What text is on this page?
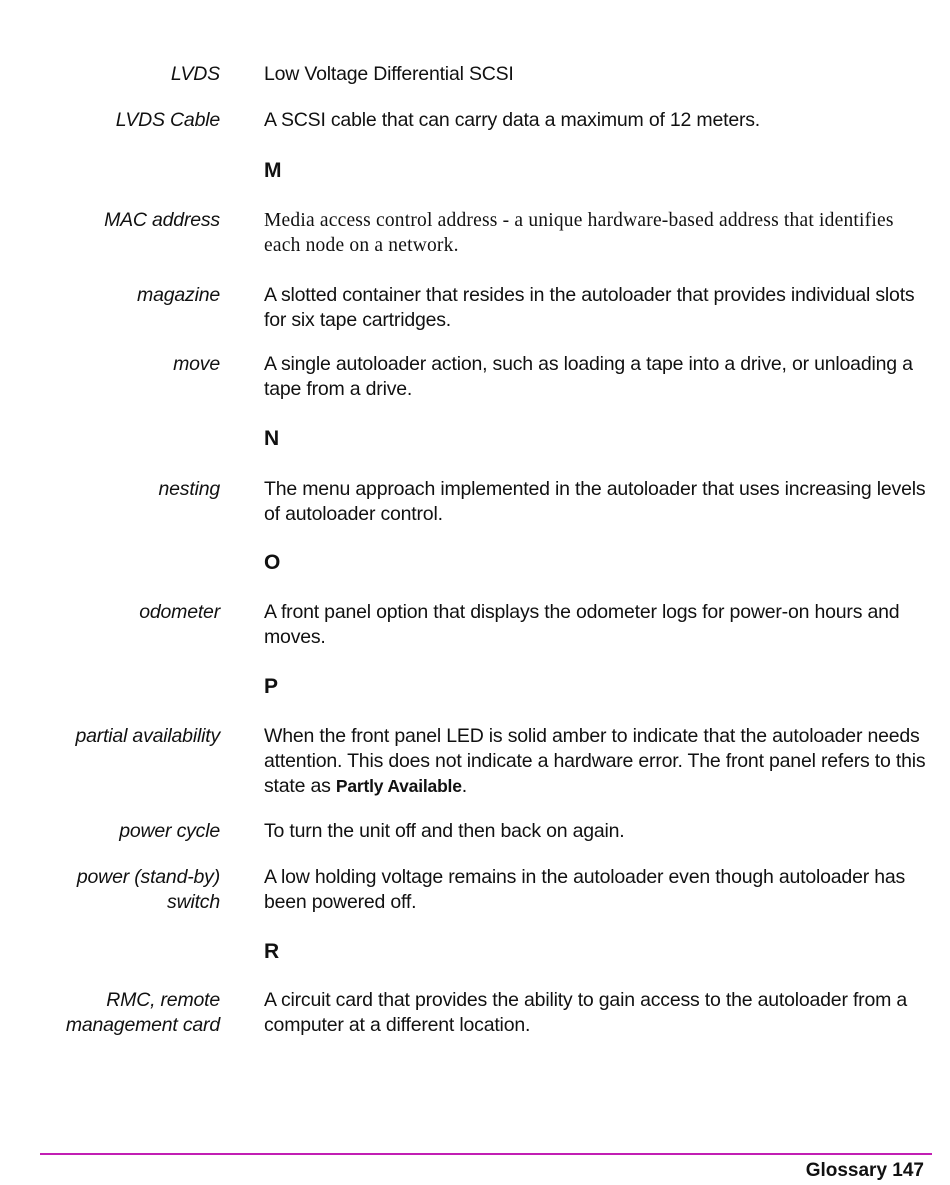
LVDS Low Voltage Differential SCSI
LVDS Cable A SCSI cable that can carry data a maximum of 12 meters.
M
MAC address Media access control address - a unique hardware-based address that identifies each node on a network.
magazine A slotted container that resides in the autoloader that provides individual slots for six tape cartridges.
move A single autoloader action, such as loading a tape into a drive, or unloading a tape from a drive.
N
nesting The menu approach implemented in the autoloader that uses increasing levels of autoloader control.
O
odometer A front panel option that displays the odometer logs for power-on hours and moves.
P
partial availability When the front panel LED is solid amber to indicate that the autoloader needs attention. This does not indicate a hardware error. The front panel refers to this state as Partly Available.
power cycle To turn the unit off and then back on again.
power (stand-by) switch
A low holding voltage remains in the autoloader even though autoloader has been powered off.
R
RMC, remote management card
A circuit card that provides the ability to gain access to the autoloader from a computer at a different location.
Glossary 147
